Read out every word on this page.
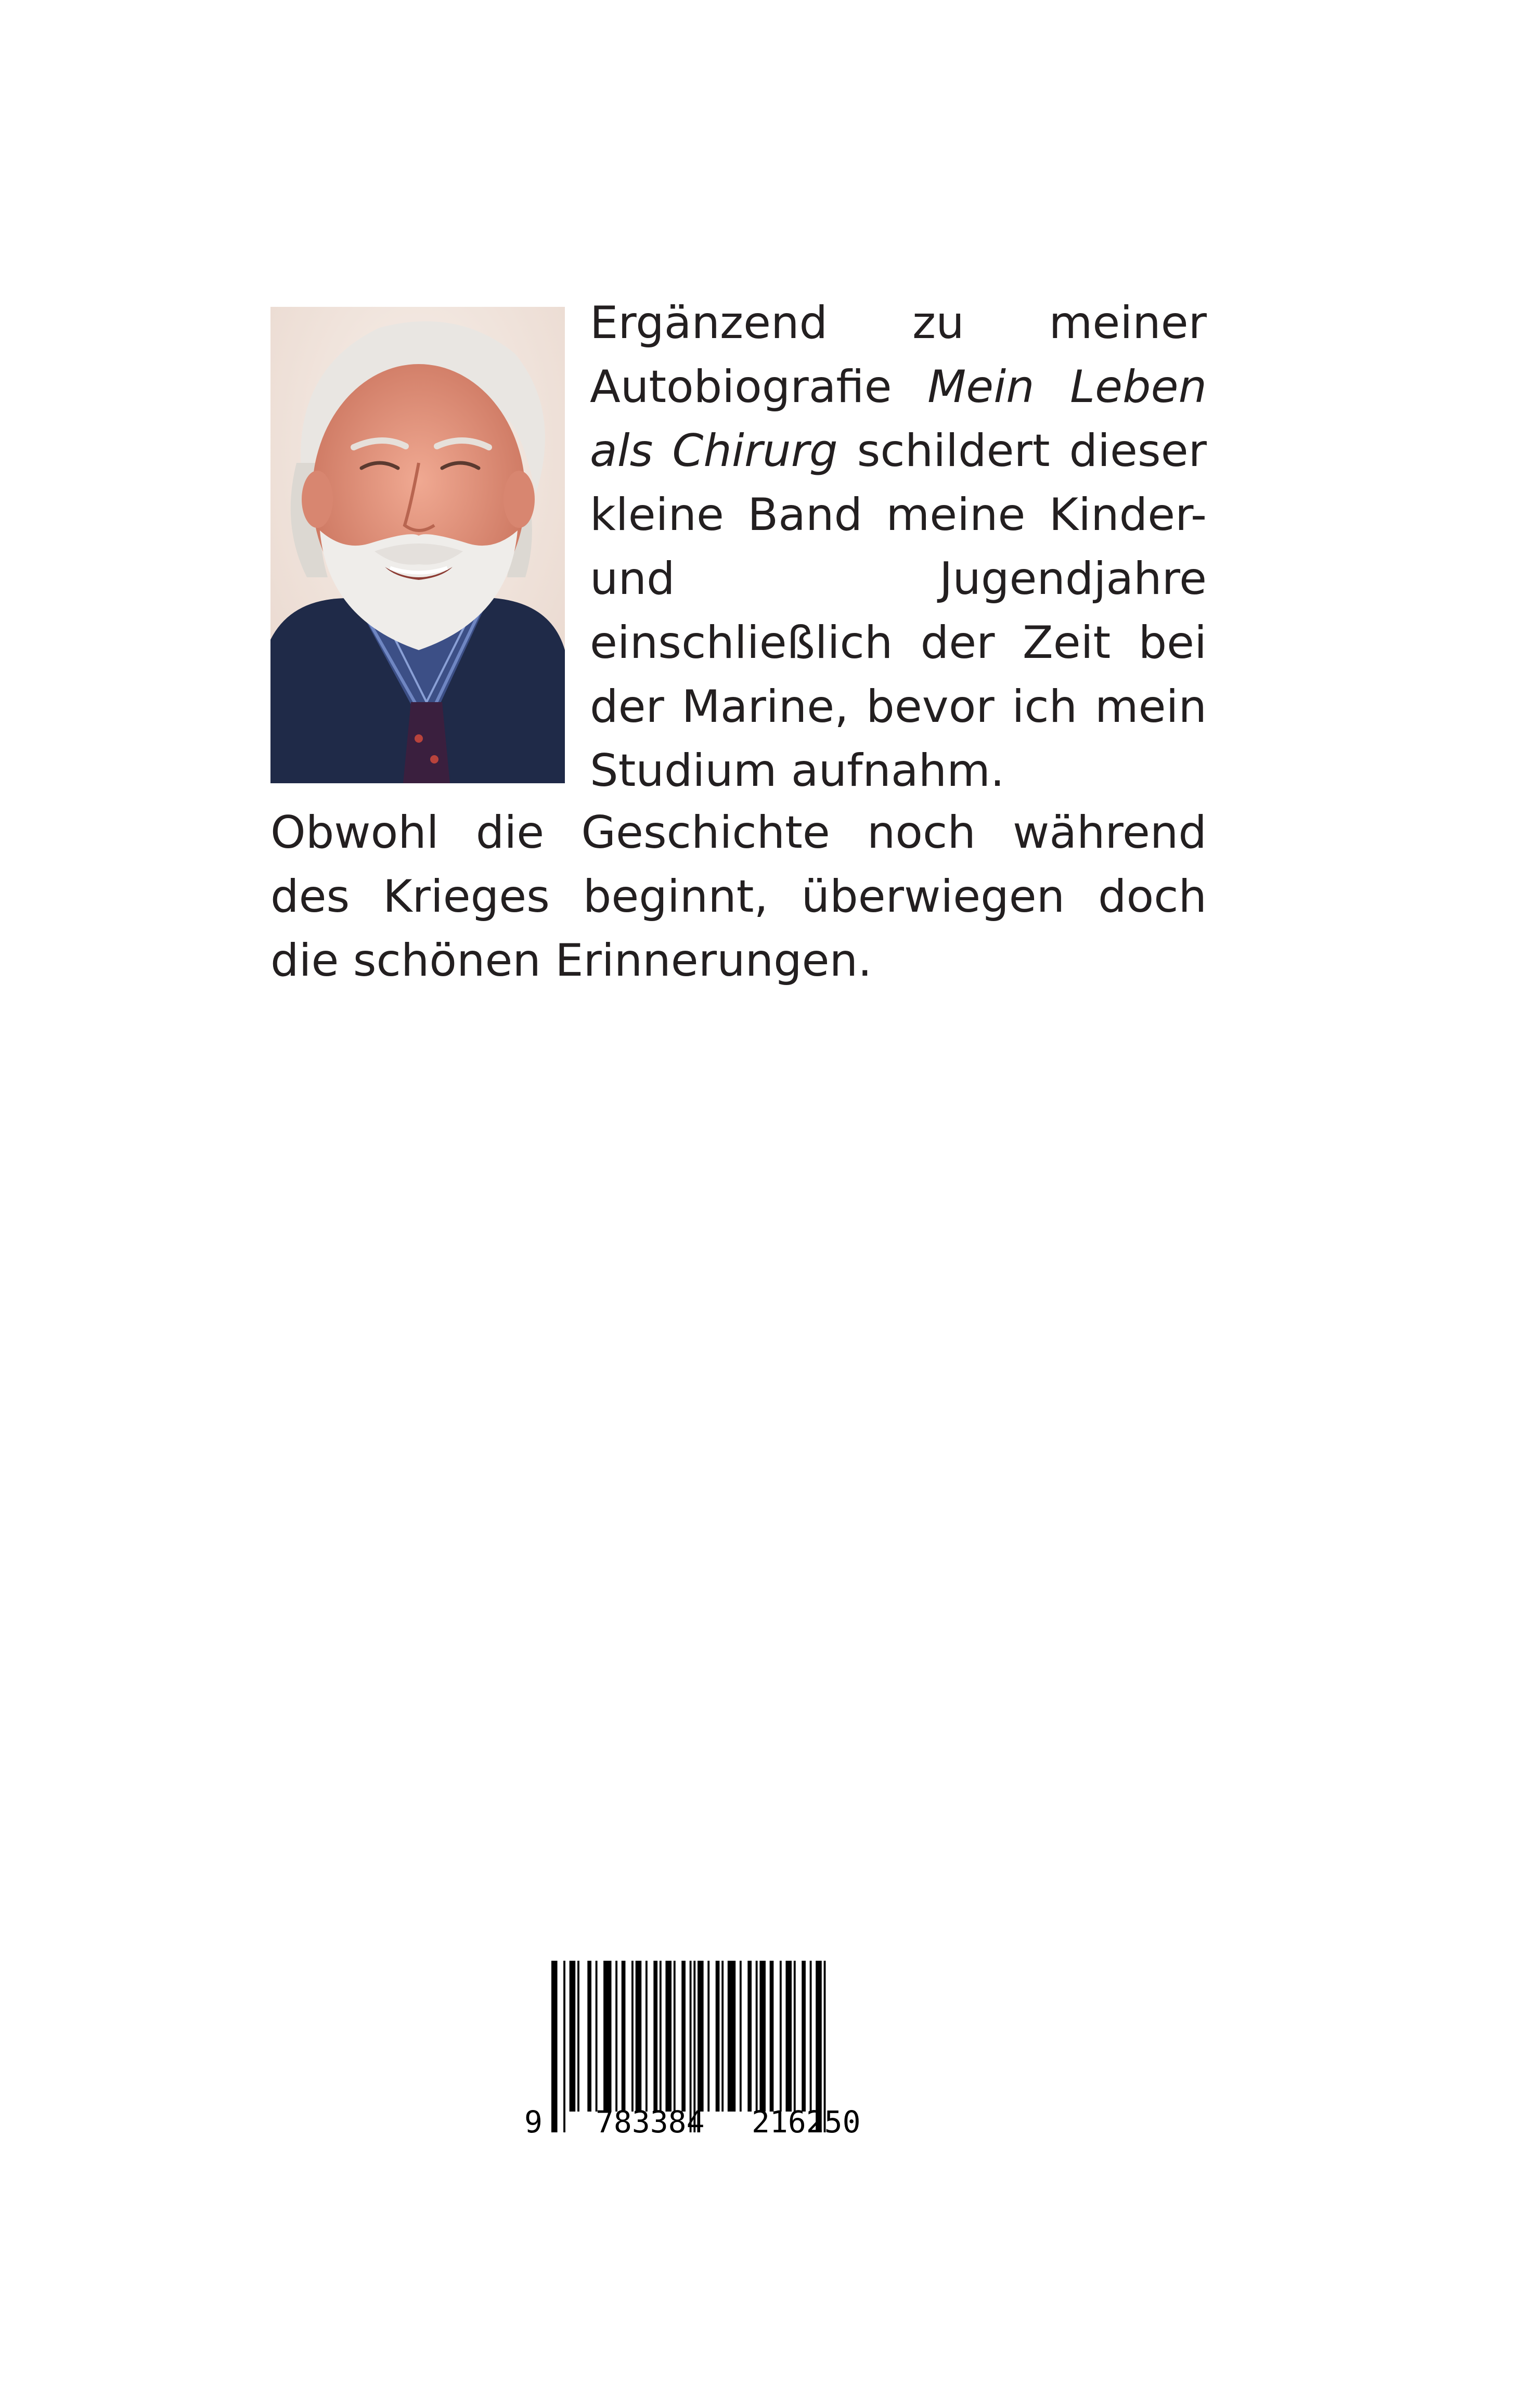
Ergänzend zu meiner Autobiografie Mein Leben als Chirurg schildert dieser kleine Band meine Kinder- und Jugendjahre einschließlich der Zeit bei der Marine, bevor ich mein Studium aufnahm.

Obwohl die Geschichte noch während des Krieges beginnt, überwiegen doch die schönen Erinnerungen.

9 783384 216250
